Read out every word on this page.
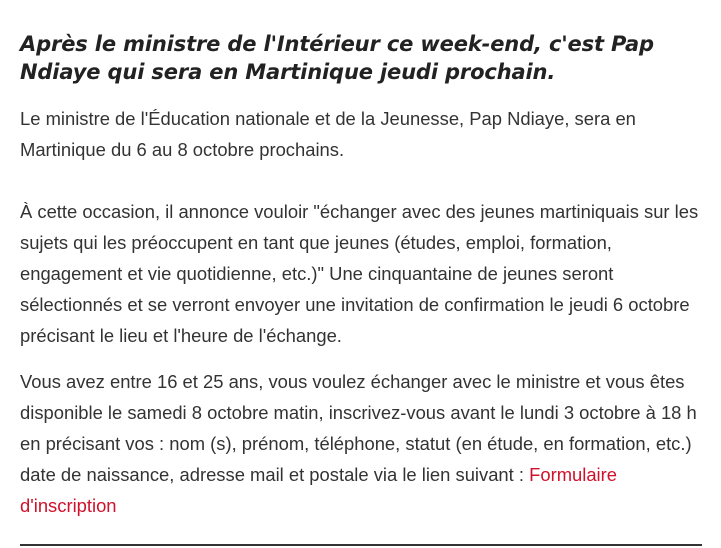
Après le ministre de l'Intérieur ce week-end, c'est Pap Ndiaye qui sera en Martinique jeudi prochain.

Le ministre de l'Éducation nationale et de la Jeunesse, Pap Ndiaye, sera en Martinique du 6 au 8 octobre prochains.

À cette occasion, il annonce vouloir "échanger avec des jeunes martiniquais sur les sujets qui les préoccupent en tant que jeunes (études, emploi, formation, engagement et vie quotidienne, etc.)" Une cinquantaine de jeunes seront sélectionnés et se verront envoyer une invitation de confirmation le jeudi 6 octobre précisant le lieu et l'heure de l'échange.

Vous avez entre 16 et 25 ans, vous voulez échanger avec le ministre et vous êtes disponible le samedi 8 octobre matin, inscrivez-vous avant le lundi 3 octobre à 18 h en précisant vos : nom (s), prénom, téléphone, statut (en étude, en formation, etc.) date de naissance, adresse mail et postale via le lien suivant : Formulaire d'inscription
